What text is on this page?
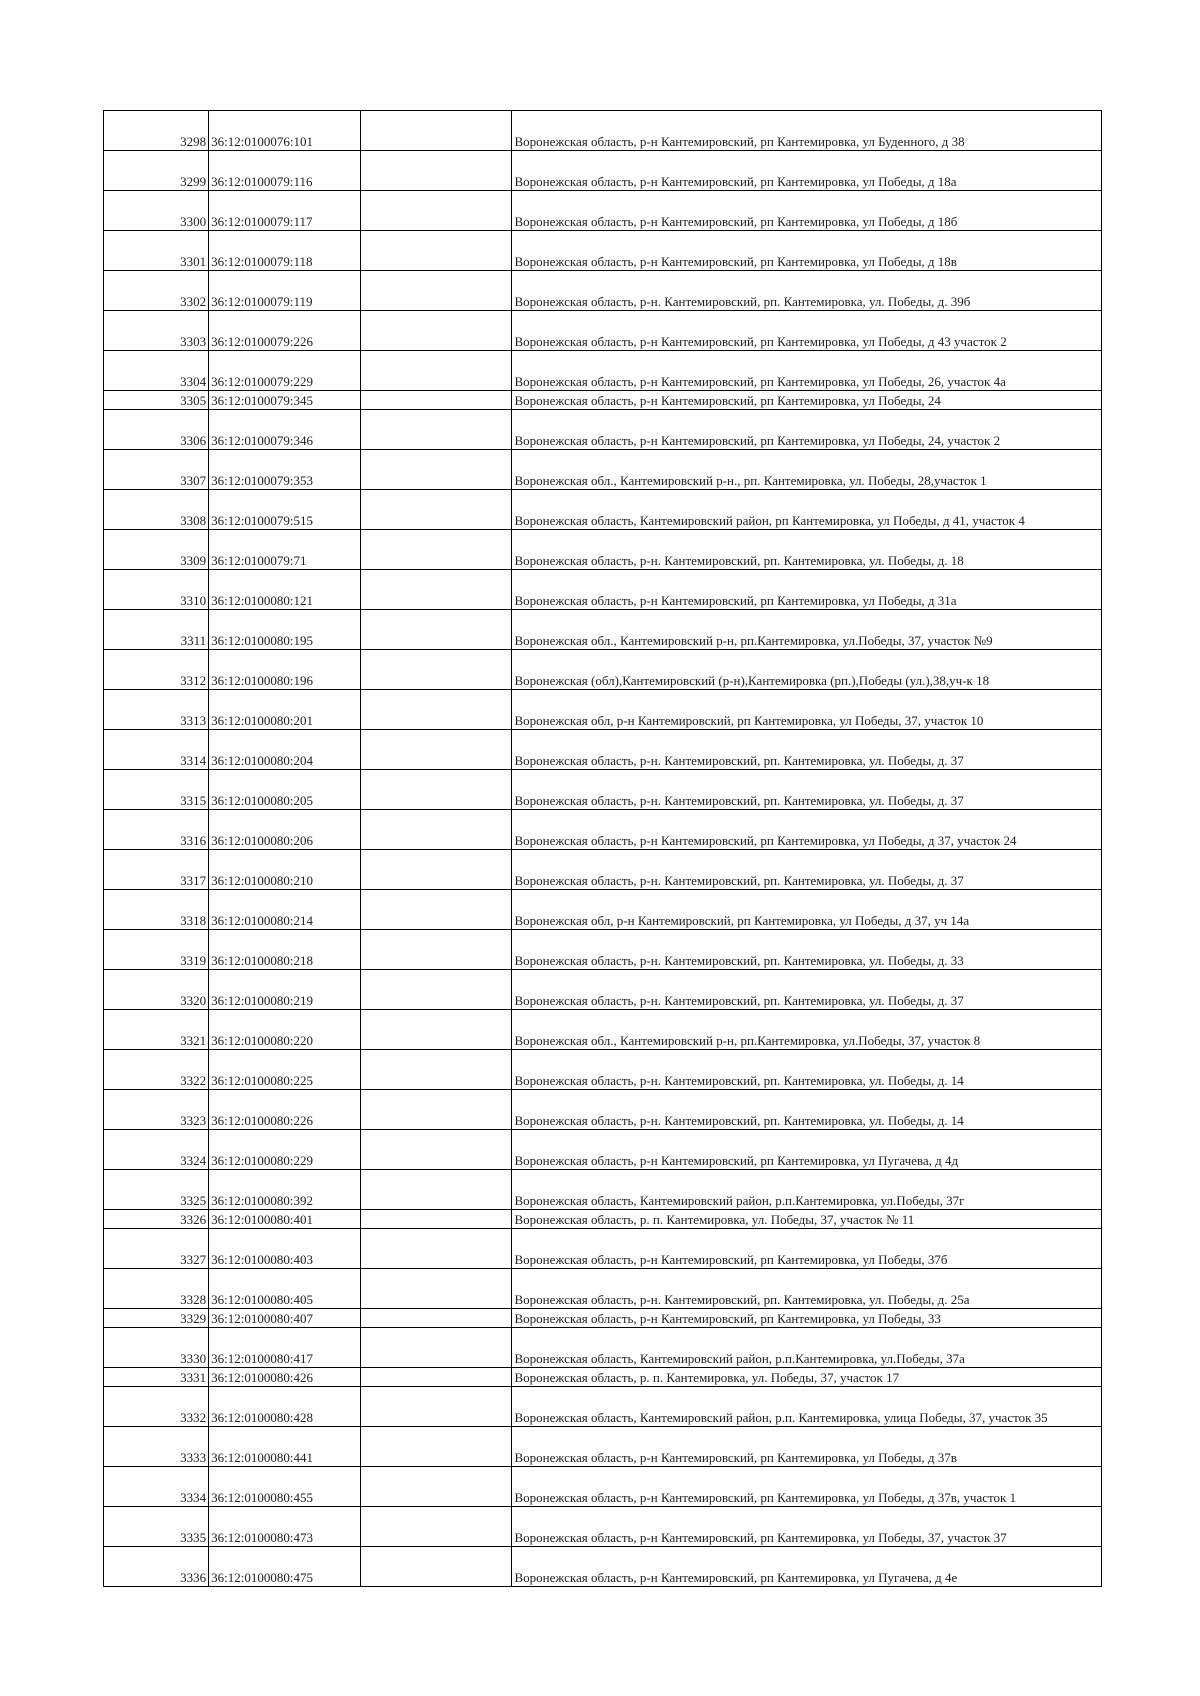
3298	36:12:0100076:101		Воронежская область, р-н Кантемировский, рп Кантемировка, ул Буденного, д 38
3299	36:12:0100079:116		Воронежская область, р-н Кантемировский, рп Кантемировка, ул Победы, д 18а
3300	36:12:0100079:117		Воронежская область, р-н Кантемировский, рп Кантемировка, ул Победы, д 18б
3301	36:12:0100079:118		Воронежская область, р-н Кантемировский, рп Кантемировка, ул Победы, д 18в
3302	36:12:0100079:119		Воронежская область, р-н. Кантемировский, рп. Кантемировка, ул. Победы, д. 39б
3303	36:12:0100079:226		Воронежская область, р-н Кантемировский, рп Кантемировка, ул Победы, д 43 участок 2
3304	36:12:0100079:229		Воронежская область, р-н Кантемировский, рп Кантемировка, ул Победы, 26, участок 4а
3305	36:12:0100079:345		Воронежская область, р-н Кантемировский, рп Кантемировка, ул Победы, 24
3306	36:12:0100079:346		Воронежская область, р-н Кантемировский, рп Кантемировка, ул Победы, 24, участок 2
3307	36:12:0100079:353		Воронежская обл., Кантемировский р-н., рп. Кантемировка, ул. Победы, 28,участок 1
3308	36:12:0100079:515		Воронежская область, Кантемировский район, рп Кантемировка, ул Победы, д 41, участок 4
3309	36:12:0100079:71		Воронежская область, р-н. Кантемировский, рп. Кантемировка, ул. Победы, д. 18
3310	36:12:0100080:121		Воронежская область, р-н Кантемировский, рп Кантемировка, ул Победы, д 31а
3311	36:12:0100080:195		Воронежская обл., Кантемировский р-н, рп.Кантемировка, ул.Победы, 37, участок №9
3312	36:12:0100080:196		Воронежская (обл),Кантемировский (р-н),Кантемировка (рп.),Победы (ул.),38,уч-к 18
3313	36:12:0100080:201		Воронежская обл, р-н Кантемировский, рп Кантемировка, ул Победы, 37, участок 10
3314	36:12:0100080:204		Воронежская область, р-н. Кантемировский, рп. Кантемировка, ул. Победы, д. 37
3315	36:12:0100080:205		Воронежская область, р-н. Кантемировский, рп. Кантемировка, ул. Победы, д. 37
3316	36:12:0100080:206		Воронежская область, р-н Кантемировский, рп Кантемировка, ул Победы, д 37, участок 24
3317	36:12:0100080:210		Воронежская область, р-н. Кантемировский, рп. Кантемировка, ул. Победы, д. 37
3318	36:12:0100080:214		Воронежская обл, р-н Кантемировский, рп Кантемировка, ул Победы, д 37, уч 14а
3319	36:12:0100080:218		Воронежская область, р-н. Кантемировский, рп. Кантемировка, ул. Победы, д. 33
3320	36:12:0100080:219		Воронежская область, р-н. Кантемировский, рп. Кантемировка, ул. Победы, д. 37
3321	36:12:0100080:220		Воронежская обл., Кантемировский р-н, рп.Кантемировка, ул.Победы, 37, участок 8
3322	36:12:0100080:225		Воронежская область, р-н. Кантемировский, рп. Кантемировка, ул. Победы, д. 14
3323	36:12:0100080:226		Воронежская область, р-н. Кантемировский, рп. Кантемировка, ул. Победы, д. 14
3324	36:12:0100080:229		Воронежская область, р-н Кантемировский, рп Кантемировка, ул Пугачева, д 4д
3325	36:12:0100080:392		Воронежская область, Кантемировский район, р.п.Кантемировка, ул.Победы, 37г
3326	36:12:0100080:401		Воронежская область, р. п. Кантемировка, ул. Победы, 37, участок № 11
3327	36:12:0100080:403		Воронежская область, р-н Кантемировский, рп Кантемировка, ул Победы, 37б
3328	36:12:0100080:405		Воронежская область, р-н. Кантемировский, рп. Кантемировка, ул. Победы, д. 25а
3329	36:12:0100080:407		Воронежская область, р-н Кантемировский, рп Кантемировка, ул Победы, 33
3330	36:12:0100080:417		Воронежская область, Кантемировский район, р.п.Кантемировка, ул.Победы, 37а
3331	36:12:0100080:426		Воронежская область, р. п. Кантемировка, ул. Победы, 37, участок 17
3332	36:12:0100080:428		Воронежская область, Кантемировский район, р.п. Кантемировка, улица Победы, 37, участок 35
3333	36:12:0100080:441		Воронежская область, р-н Кантемировский, рп Кантемировка, ул Победы, д 37в
3334	36:12:0100080:455		Воронежская область, р-н Кантемировский, рп Кантемировка, ул Победы, д 37в, участок 1
3335	36:12:0100080:473		Воронежская область, р-н Кантемировский, рп Кантемировка, ул Победы, 37, участок 37
3336	36:12:0100080:475		Воронежская область, р-н Кантемировский, рп Кантемировка, ул Пугачева, д 4е
